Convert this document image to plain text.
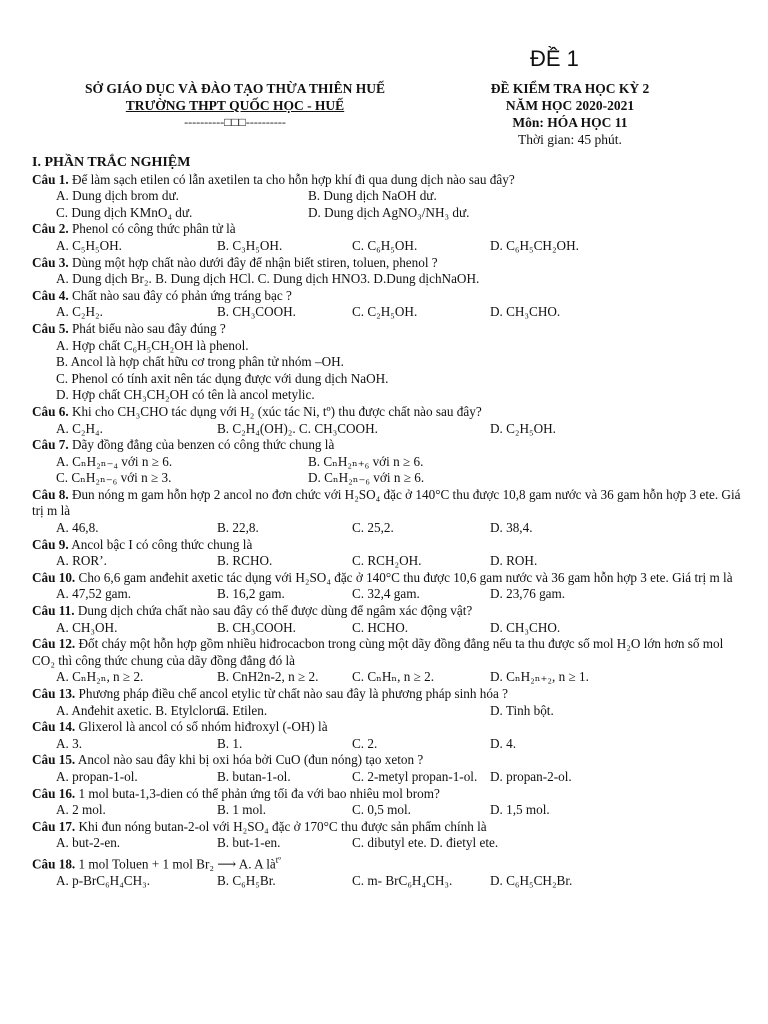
ĐỀ 1
SỞ GIÁO DỤC VÀ ĐÀO TẠO THỪA THIÊN HUẾ
TRƯỜNG THPT QUỐC HỌC - HUẾ
----------□□□----------
ĐỀ KIỂM TRA HỌC KỲ 2
NĂM HỌC 2020-2021
Môn: HÓA HỌC 11
Thời gian: 45 phút.
I. PHẦN TRẮC NGHIỆM
Câu 1. Để làm sạch etilen có lẫn axetilen ta cho hỗn hợp khí đi qua dung dịch nào sau đây?
A. Dung dịch brom dư.	B. Dung dịch NaOH dư.
C. Dung dịch KMnO₄ dư.	D. Dung dịch AgNO₃/NH₃ dư.
Câu 2. Phenol có công thức phân tử là
A. C₅H₅OH.	B. C₃H₅OH.	C. C₆H₅OH.	D. C₆H₅CH₂OH.
Câu 3. Dùng một hợp chất nào dưới đây để nhận biết stiren, toluen, phenol ?
A. Dung dịch Br₂. B. Dung dịch HCl. C. Dung dịch HNO3. D.Dung dịchNaOH.
Câu 4. Chất nào sau đây có phản ứng tráng bạc ?
A. C₂H₂.	B. CH₃COOH.	C. C₂H₅OH.	D. CH₃CHO.
Câu 5. Phát biểu nào sau đây đúng ?
A. Hợp chất C₆H₅CH₂OH là phenol.
B. Ancol là hợp chất hữu cơ trong phân tử nhóm –OH.
C. Phenol có tính axit nên tác dụng được với dung dịch NaOH.
D. Hợp chất CH₃CH₂OH có tên là ancol metylic.
Câu 6. Khi cho CH₃CHO tác dụng với H₂ (xúc tác Ni, tº) thu được chất nào sau đây?
A. C₂H₄.	B. C₂H₄(OH)₂. C. CH₃COOH.	D. C₂H₅OH.
Câu 7. Dãy đồng đẳng của benzen có công thức chung là
A. CₙH₂ₙ₋₄ với n ≥ 6.	B. CₙH₂ₙ₊₆ với n ≥ 6.
C. CₙH₂ₙ₋₆ với n ≥ 3.	D. CₙH₂ₙ₋₆ với n ≥ 6.
Câu 8. Đun nóng m gam hỗn hợp 2 ancol no đơn chức với H₂SO₄ đặc ở 140°C thu được 10,8 gam nước và 36 gam hỗn hợp 3 ete. Giá trị m là
A. 46,8.	B. 22,8.	C. 25,2.	D. 38,4.
Câu 9. Ancol bậc I có công thức chung là
A. ROR’.	B. RCHO.	C. RCH₂OH.	D. ROH.
Câu 10. Cho 6,6 gam anđehit axetic tác dụng với H₂SO₄ đặc ở 140°C thu được 10,6 gam nước và 36 gam hỗn hợp 3 ete. Giá trị m là
A. 47,52 gam.	B. 16,2 gam.	C. 32,4 gam.	D. 23,76 gam.
Câu 11. Dung dịch chứa chất nào sau đây có thể được dùng để ngâm xác động vật?
A. CH₃OH.	B. CH₃COOH.	C. HCHO.	D. CH₃CHO.
Câu 12. Đốt cháy một hỗn hợp gồm nhiều hiđrocacbon trong cùng một dãy đồng đẳng nếu ta thu được số mol H₂O lớn hơn số mol CO₂ thì công thức chung của dãy đồng đẳng đó là
A. CₙH₂ₙ, n ≥ 2.	B. CnH2n-2, n ≥ 2.	C. CₙHₙ, n ≥ 2.	D. CₙH₂ₙ₊₂, n ≥ 1.
Câu 13. Phương pháp điều chế ancol etylic từ chất nào sau đây là phương pháp sinh hóa ?
A. Anđehit axetic. B. Etylclorua.
C. Etilen.	D. Tinh bột.
Câu 14. Glixerol là ancol có số nhóm hiđroxyl (-OH) là
A. 3.	B. 1.	C. 2.	D. 4.
Câu 15. Ancol nào sau đây khi bị oxi hóa bởi CuO (đun nóng) tạo xeton ?
A. propan-1-ol.	B. butan-1-ol.	C. 2-metyl propan-1-ol. D. propan-2-ol.
Câu 16. 1 mol buta-1,3-dien có thể phản ứng tối đa với bao nhiêu mol brom?
A. 2 mol.	B. 1 mol.	C. 0,5 mol.	D. 1,5 mol.
Câu 17. Khi đun nóng butan-2-ol với H₂SO₄ đặc ở 170°C thu được sản phẩm chính là
A. but-2-en.	B. but-1-en.	C. dibutyl ete. D. đietyl ete.
Câu 18. 1 mol Toluen + 1 mol Br₂ ⟶ A. A $là^{tº}$
A. p-BrC₆H₄CH₃.	B. C₆H₅Br.	C. m- BrC₆H₄CH₃.	D. C₆H₅CH₂Br.
